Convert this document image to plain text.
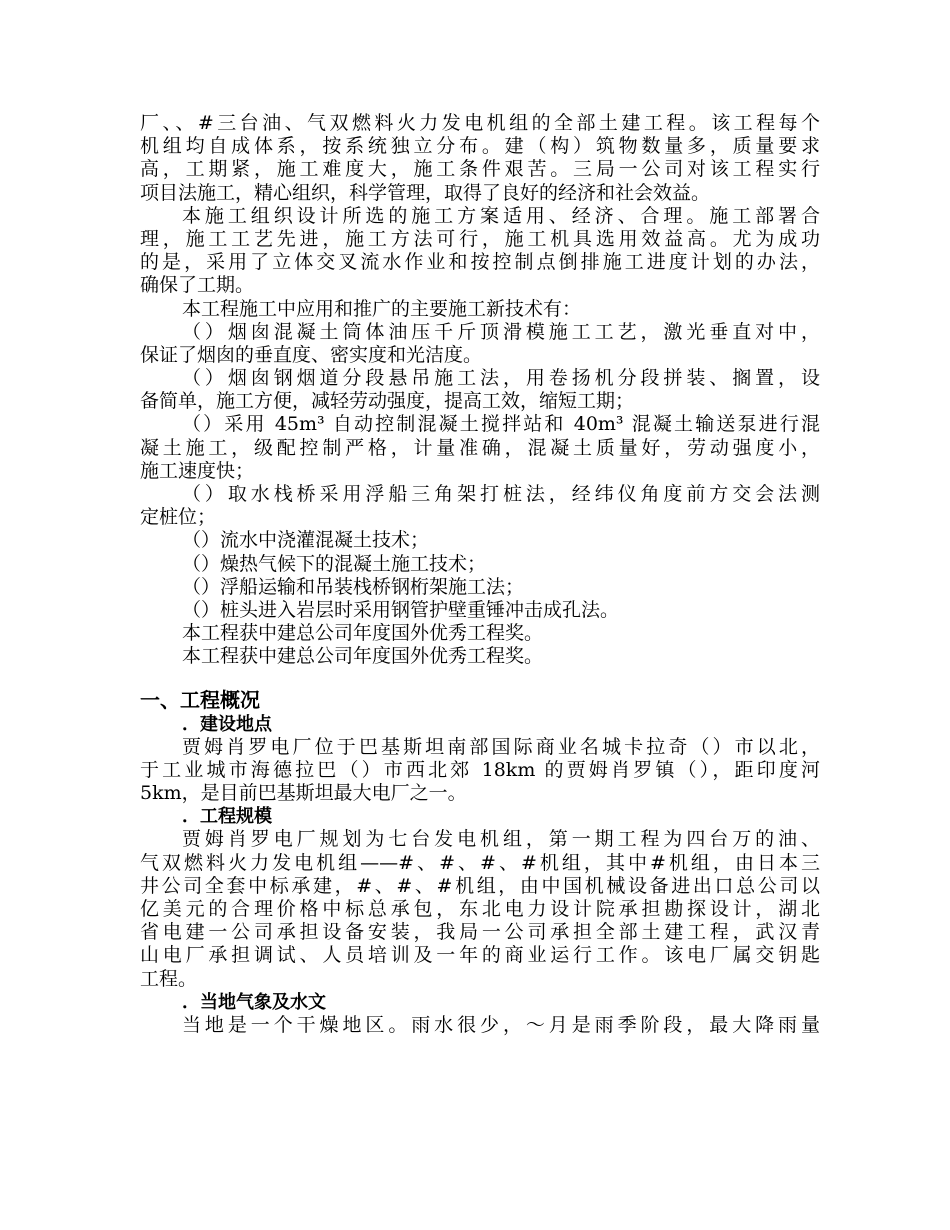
厂、、#三台油、气双燃料火力发电机组的全部土建工程。该工程每个
机组均自成体系，按系统独立分布。建（构）筑物数量多，质量要求
高，工期紧，施工难度大，施工条件艰苦。三局一公司对该工程实行
项目法施工，精心组织，科学管理，取得了良好的经济和社会效益。
本施工组织设计所选的施工方案适用、经济、合理。施工部署合
理，施工工艺先进，施工方法可行，施工机具选用效益高。尤为成功
的是，采用了立体交叉流水作业和按控制点倒排施工进度计划的办法，
确保了工期。
本工程施工中应用和推广的主要施工新技术有：
（）烟囱混凝土筒体油压千斤顶滑模施工工艺，激光垂直对中，
保证了烟囱的垂直度、密实度和光洁度。
（）烟囱钢烟道分段悬吊施工法，用卷扬机分段拼装、搁置，设
备简单，施工方便，减轻劳动强度，提高工效，缩短工期；
（）采用 45m³ 自动控制混凝土搅拌站和 40m³ 混凝土输送泵进行混
凝土施工，级配控制严格，计量准确，混凝土质量好，劳动强度小，
施工速度快；
（）取水栈桥采用浮船三角架打桩法，经纬仪角度前方交会法测
定桩位；
（）流水中浇灌混凝土技术；
（）燥热气候下的混凝土施工技术；
（）浮船运输和吊装栈桥钢桁架施工法；
（）桩头进入岩层时采用钢管护壁重锤冲击成孔法。
本工程获中建总公司年度国外优秀工程奖。
本工程获中建总公司年度国外优秀工程奖。
一、工程概况
．建设地点
贾姆肖罗电厂位于巴基斯坦南部国际商业名城卡拉奇（）市以北，
于工业城市海德拉巴（）市西北郊 18km 的贾姆肖罗镇（），距印度河
5km，是目前巴基斯坦最大电厂之一。
．工程规模
贾姆肖罗电厂规划为七台发电机组，第一期工程为四台万的油、
气双燃料火力发电机组——#、#、#、#机组，其中#机组，由日本三
井公司全套中标承建，#、#、#机组，由中国机械设备进出口总公司以
亿美元的合理价格中标总承包，东北电力设计院承担勘探设计，湖北
省电建一公司承担设备安装，我局一公司承担全部土建工程，武汉青
山电厂承担调试、人员培训及一年的商业运行工作。该电厂属交钥匙
工程。
．当地气象及水文
当地是一个干燥地区。雨水很少，～月是雨季阶段，最大降雨量
